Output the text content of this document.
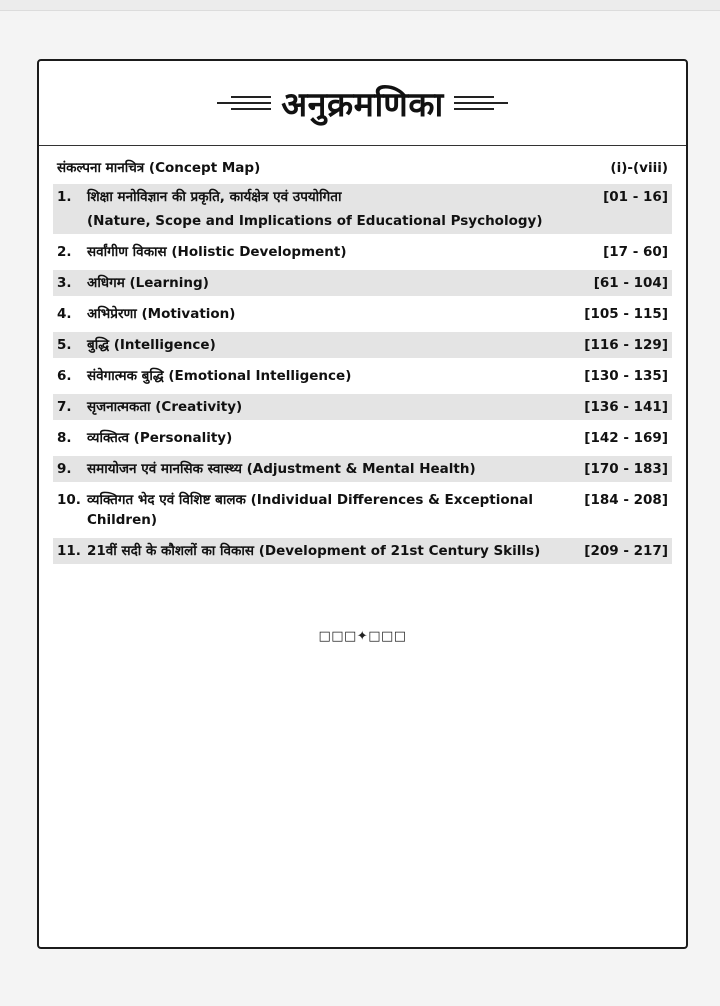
अनुक्रमणिका
संकल्पना मानचित्र (Concept Map)	(i)-(viii)
1.	शिक्षा मनोविज्ञान की प्रकृति, कार्यक्षेत्र एवं उपयोगिता
(Nature, Scope and Implications of Educational Psychology)
[01 - 16]
2.	सर्वांगीण विकास (Holistic Development)	[17 - 60]
3.	अधिगम (Learning)	[61 - 104]
4.	अभिप्रेरणा (Motivation)	[105 - 115]
5.	बुद्धि (Intelligence)	[116 - 129]
6.	संवेगात्मक बुद्धि (Emotional Intelligence)	[130 - 135]
7.	सृजनात्मकता (Creativity)	[136 - 141]
8.	व्यक्तित्व (Personality)	[142 - 169]
9.	समायोजन एवं मानसिक स्वास्थ्य (Adjustment & Mental Health)	[170 - 183]
10. व्यक्तिगत भेद एवं विशिष्ट बालक (Individual Differences & Exceptional Children)
[184 - 208]
11. 21वीं सदी के कौशलों का विकास (Development of 21st Century Skills)	[209 - 217]
□□□✦□□□
